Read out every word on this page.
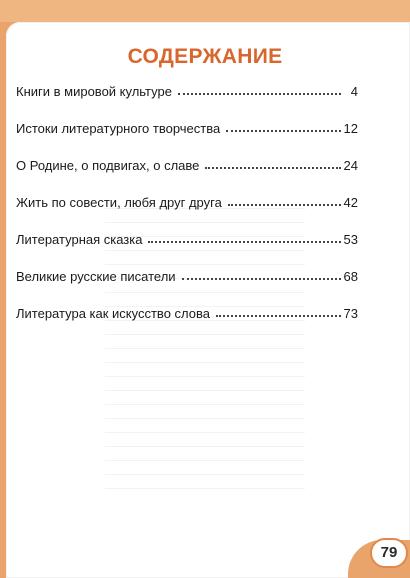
СОДЕРЖАНИЕ
Книги в мировой культуре	4
Истоки литературного творчества	12
О Родине, о подвигах, о славе	24
Жить по совести, любя друг друга	42
Литературная сказка	53
Великие русские писатели	68
Литература как искусство слова	73
79
